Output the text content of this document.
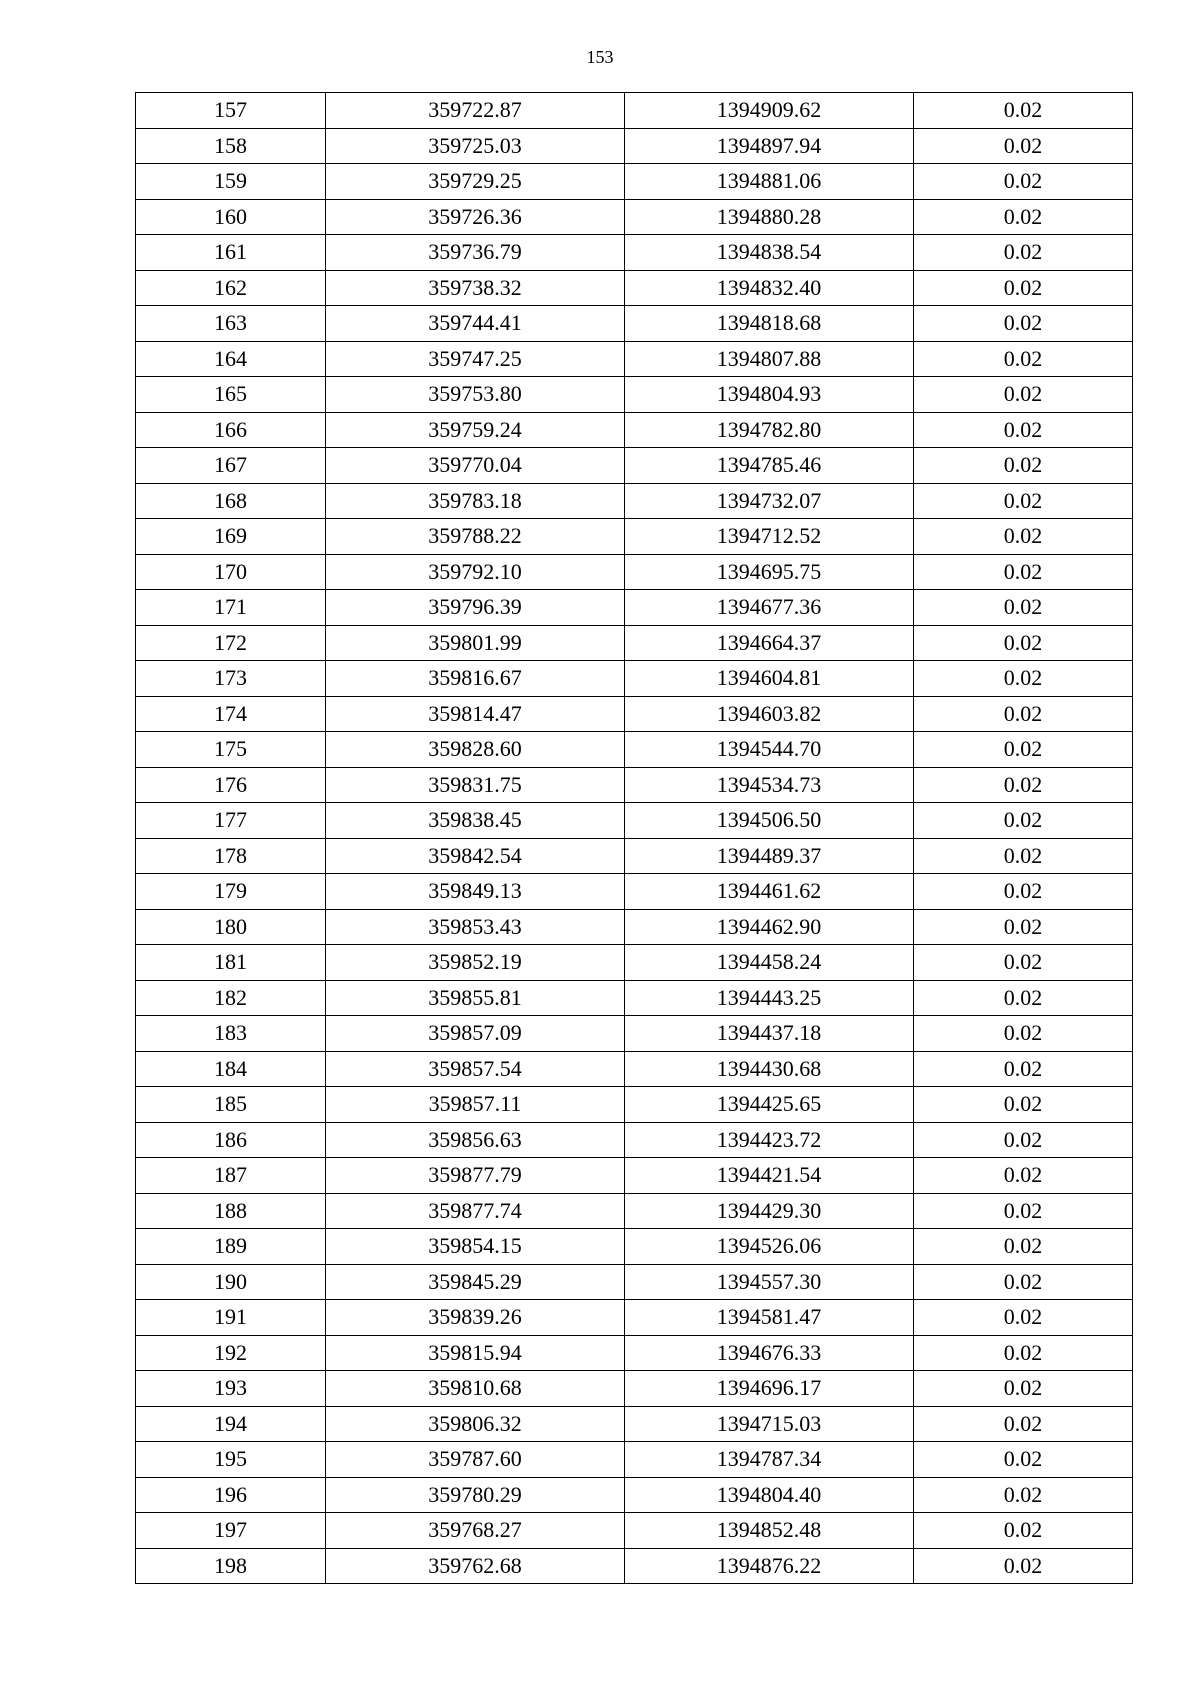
153
157	359722.87	1394909.62	0.02
158	359725.03	1394897.94	0.02
159	359729.25	1394881.06	0.02
160	359726.36	1394880.28	0.02
161	359736.79	1394838.54	0.02
162	359738.32	1394832.40	0.02
163	359744.41	1394818.68	0.02
164	359747.25	1394807.88	0.02
165	359753.80	1394804.93	0.02
166	359759.24	1394782.80	0.02
167	359770.04	1394785.46	0.02
168	359783.18	1394732.07	0.02
169	359788.22	1394712.52	0.02
170	359792.10	1394695.75	0.02
171	359796.39	1394677.36	0.02
172	359801.99	1394664.37	0.02
173	359816.67	1394604.81	0.02
174	359814.47	1394603.82	0.02
175	359828.60	1394544.70	0.02
176	359831.75	1394534.73	0.02
177	359838.45	1394506.50	0.02
178	359842.54	1394489.37	0.02
179	359849.13	1394461.62	0.02
180	359853.43	1394462.90	0.02
181	359852.19	1394458.24	0.02
182	359855.81	1394443.25	0.02
183	359857.09	1394437.18	0.02
184	359857.54	1394430.68	0.02
185	359857.11	1394425.65	0.02
186	359856.63	1394423.72	0.02
187	359877.79	1394421.54	0.02
188	359877.74	1394429.30	0.02
189	359854.15	1394526.06	0.02
190	359845.29	1394557.30	0.02
191	359839.26	1394581.47	0.02
192	359815.94	1394676.33	0.02
193	359810.68	1394696.17	0.02
194	359806.32	1394715.03	0.02
195	359787.60	1394787.34	0.02
196	359780.29	1394804.40	0.02
197	359768.27	1394852.48	0.02
198	359762.68	1394876.22	0.02
